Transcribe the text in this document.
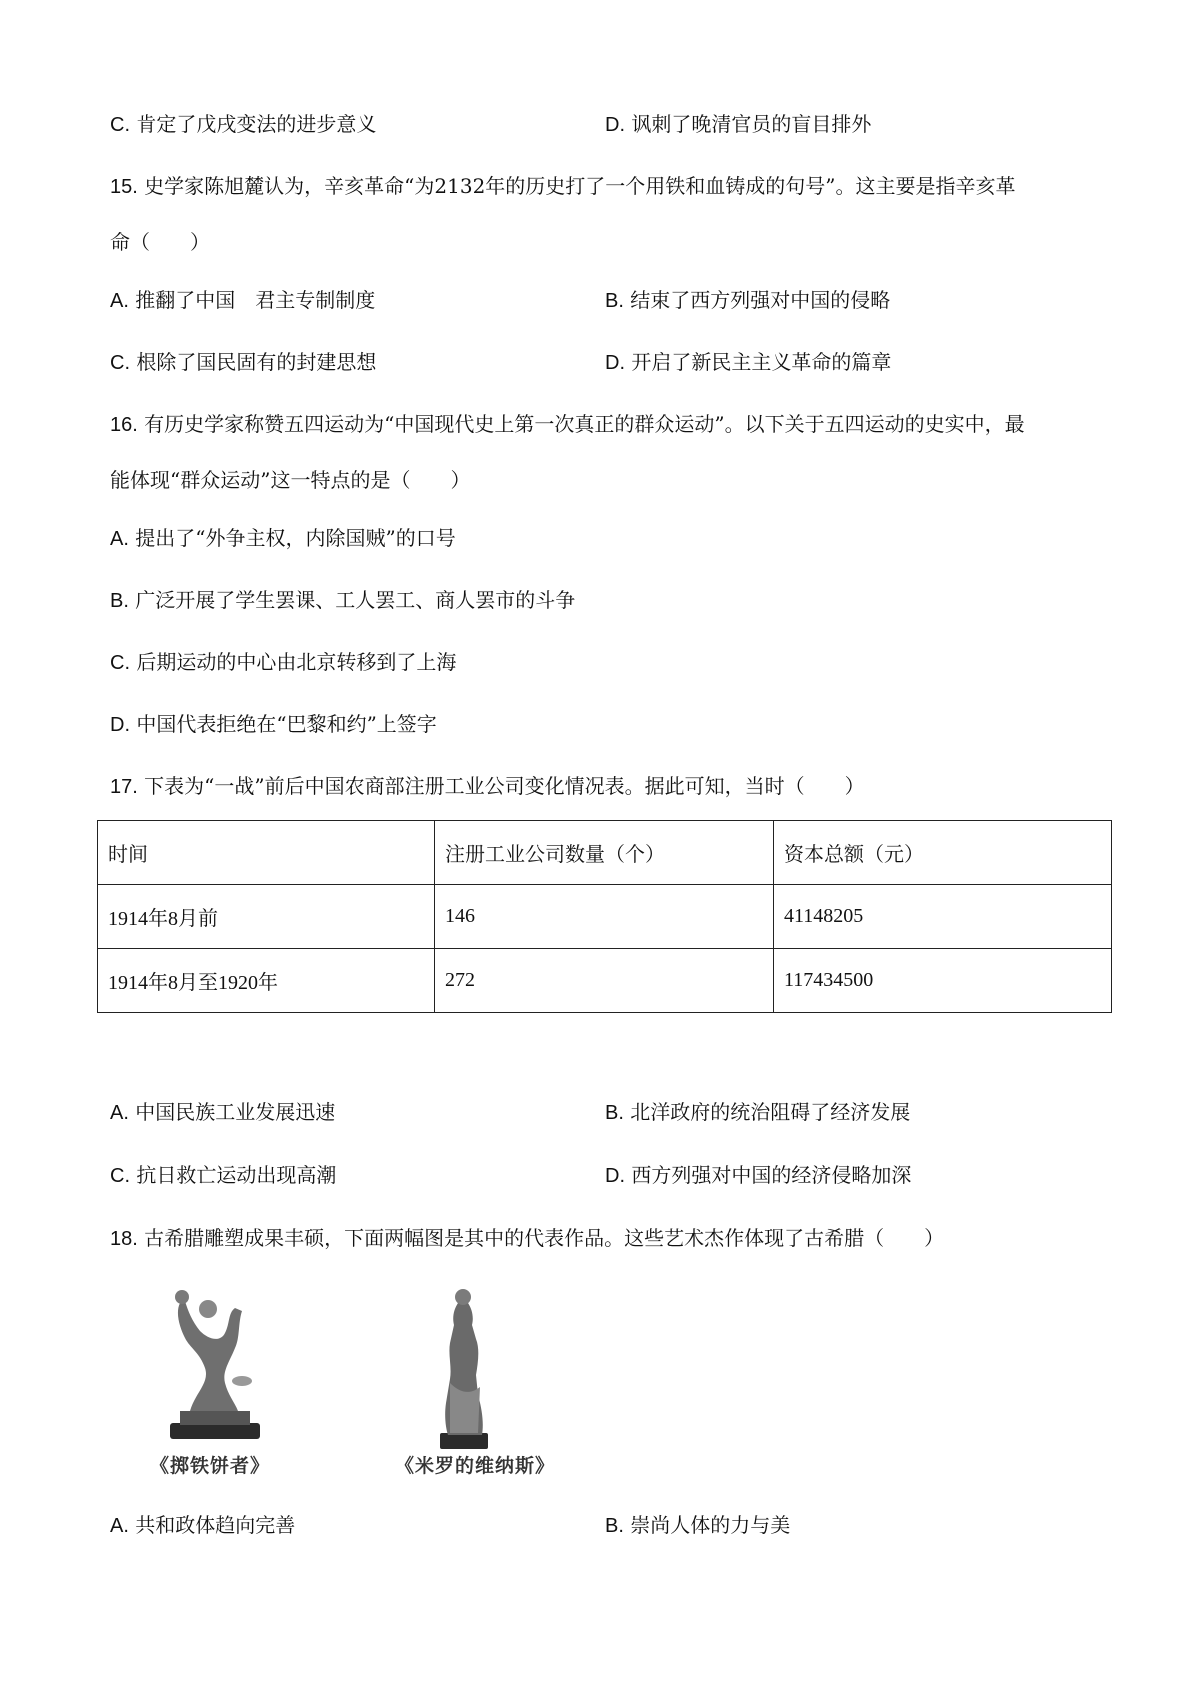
C. 肯定了戊戌变法的进步意义	D. 讽刺了晚清官员的盲目排外
15. 史学家陈旭麓认为，辛亥革命“为2132年的历史打了一个用铁和血铸成的句号”。这主要是指辛亥革
命（　　）
A. 推翻了中国　君主专制制度	B. 结束了西方列强对中国的侵略
C. 根除了国民固有的封建思想	D. 开启了新民主主义革命的篇章
16. 有历史学家称赞五四运动为“中国现代史上第一次真正的群众运动”。以下关于五四运动的史实中，最
能体现“群众运动”这一特点的是（　　）
A. 提出了“外争主权，内除国贼”的口号
B. 广泛开展了学生罢课、工人罢工、商人罢市的斗争
C. 后期运动的中心由北京转移到了上海
D. 中国代表拒绝在“巴黎和约”上签字
17. 下表为“一战”前后中国农商部注册工业公司变化情况表。据此可知，当时（　　）
时间	注册工业公司数量（个）	资本总额（元）
1914年8月前	146	41148205
1914年8月至1920年	272	117434500
A. 中国民族工业发展迅速	B. 北洋政府的统治阻碍了经济发展
C. 抗日救亡运动出现高潮	D. 西方列强对中国的经济侵略加深
18. 古希腊雕塑成果丰硕，下面两幅图是其中的代表作品。这些艺术杰作体现了古希腊（　　）
《掷铁饼者》	《米罗的维纳斯》
A. 共和政体趋向完善	B. 崇尚人体的力与美
